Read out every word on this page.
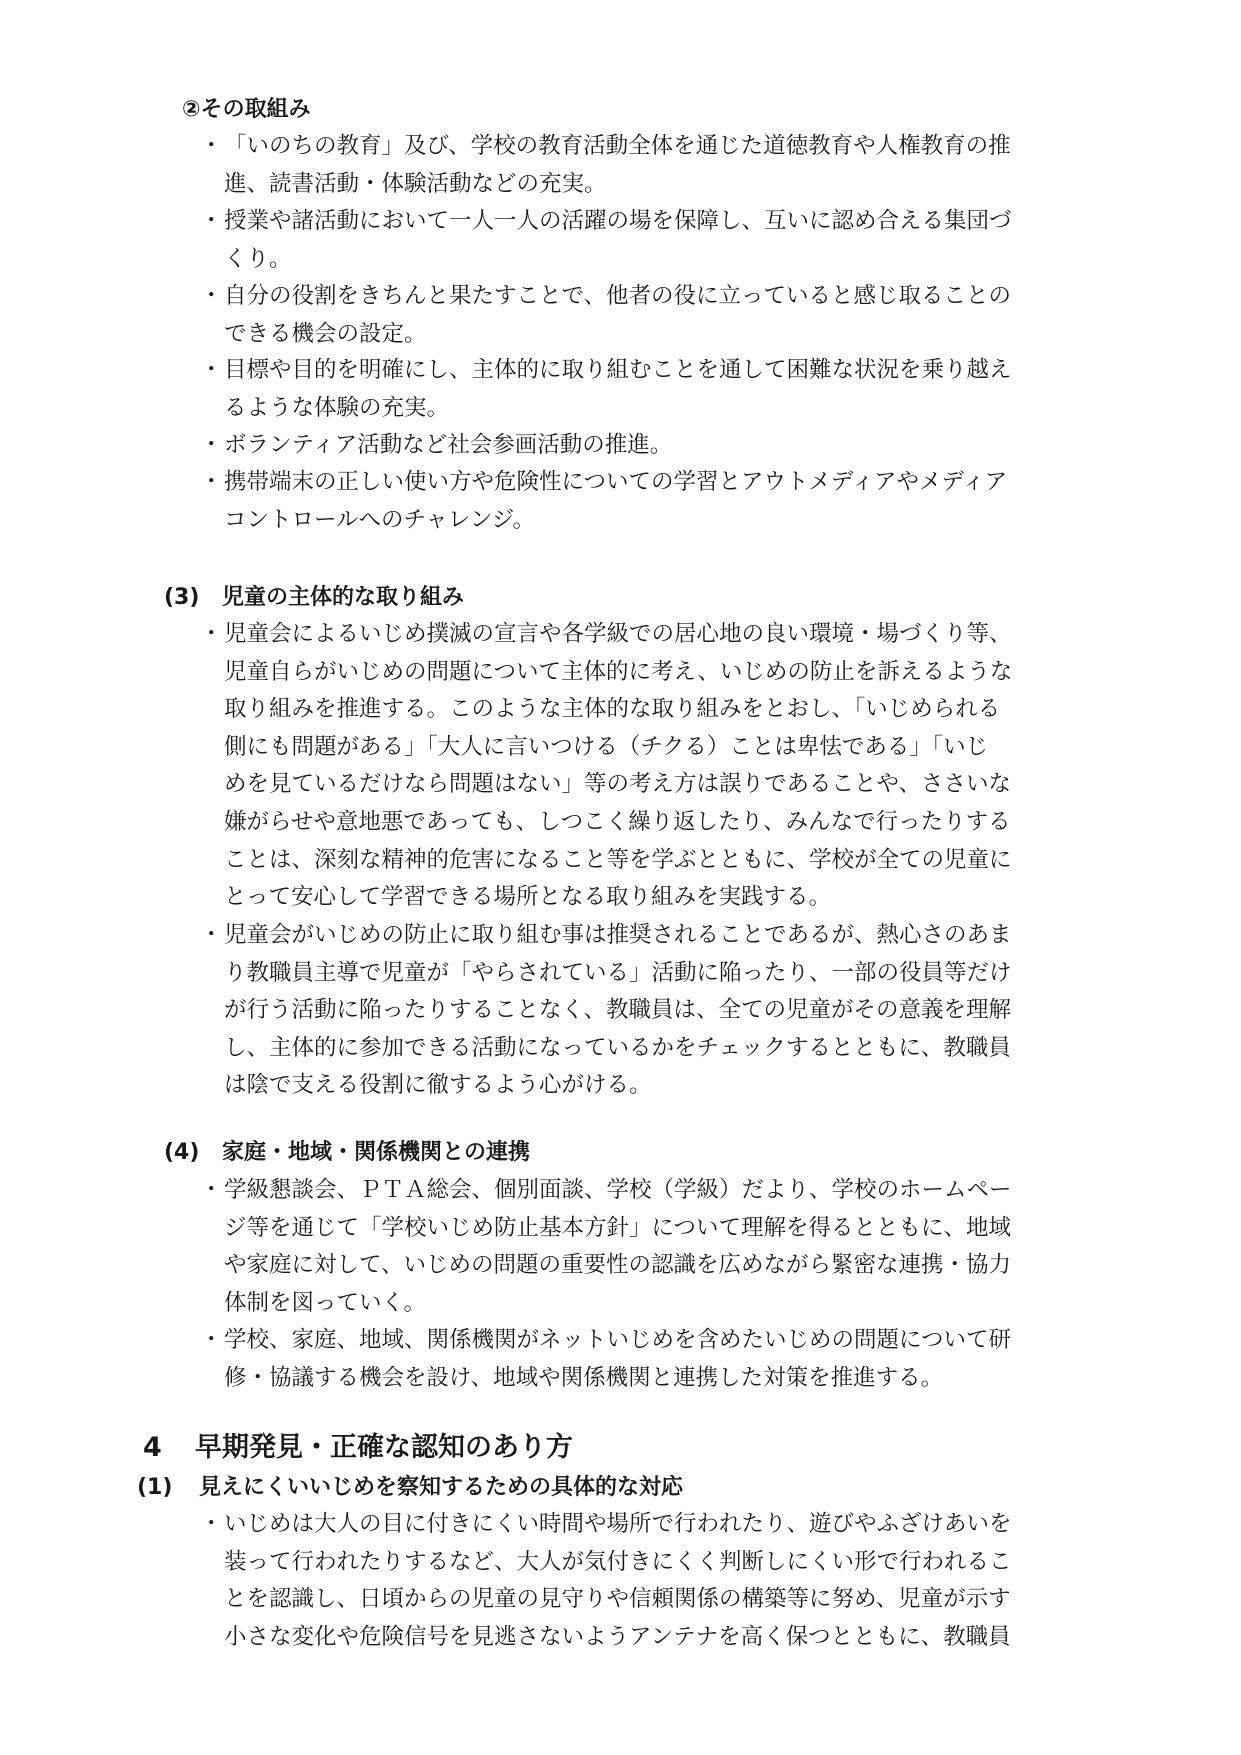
②その取組み
・ 「いのちの教育」及び、学校の教育活動全体を通じた道徳教育や人権教育の推
進、読書活動・体験活動などの充実。
・ 授業や諸活動において一人一人の活躍の場を保障し、互いに認め合える集団づ
くり。
・ 自分の役割をきちんと果たすことで、他者の役に立っていると感じ取ることの
できる機会の設定。
・ 目標や目的を明確にし、主体的に取り組むことを通して困難な状況を乗り越え
るような体験の充実。
・ ボランティア活動など社会参画活動の推進。
・ 携帯端末の正しい使い方や危険性についての学習とアウトメディアやメディア
コントロールへのチャレンジ。
(3) 児童の主体的な取り組み
・ 児童会によるいじめ撲滅の宣言や各学級での居心地の良い環境・場づくり等、
児童自らがいじめの問題について主体的に考え、いじめの防止を訴えるような
取り組みを推進する。このような主体的な取り組みをとおし、「いじめられる
側にも問題がある」「大人に言いつける（チクる）ことは卑怯である」「いじ
めを見ているだけなら問題はない」等の考え方は誤りであることや、ささいな
嫌がらせや意地悪であっても、しつこく繰り返したり、みんなで行ったりする
ことは、深刻な精神的危害になること等を学ぶとともに、学校が全ての児童に
とって安心して学習できる場所となる取り組みを実践する。
・ 児童会がいじめの防止に取り組む事は推奨されることであるが、熱心さのあま
り教職員主導で児童が「やらされている」活動に陥ったり、一部の役員等だけ
が行う活動に陥ったりすることなく、教職員は、全ての児童がその意義を理解
し、主体的に参加できる活動になっているかをチェックするとともに、教職員
は陰で支える役割に徹するよう心がける。
(4) 家庭・地域・関係機関との連携
・ 学級懇談会、ＰＴＡ総会、個別面談、学校（学級）だより、学校のホームペー
ジ等を通じて「学校いじめ防止基本方針」について理解を得るとともに、地域
や家庭に対して、いじめの問題の重要性の認識を広めながら緊密な連携・協力
体制を図っていく。
・ 学校、家庭、地域、関係機関がネットいじめを含めたいじめの問題について研
修・協議する機会を設け、地域や関係機関と連携した対策を推進する。
4 早期発見・正確な認知のあり方
(1) 見えにくいいじめを察知するための具体的な対応
・ いじめは大人の目に付きにくい時間や場所で行われたり、遊びやふざけあいを
装って行われたりするなど、大人が気付きにくく判断しにくい形で行われるこ
とを認識し、日頃からの児童の見守りや信頼関係の構築等に努め、児童が示す
小さな変化や危険信号を見逃さないようアンテナを高く保つとともに、教職員
